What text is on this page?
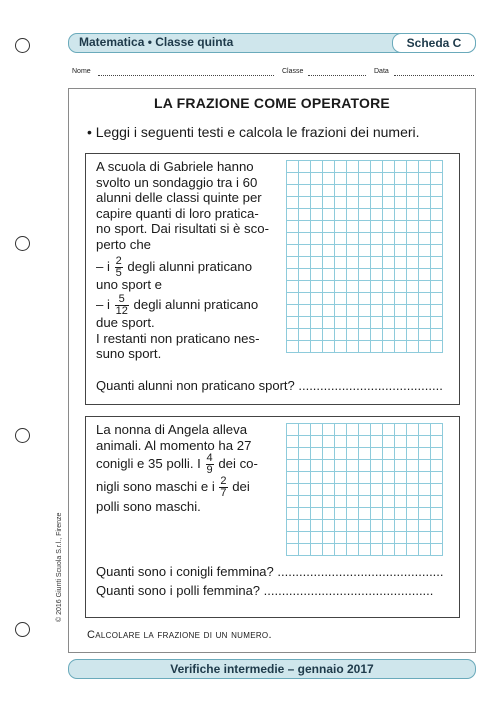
Matematica • Classe quinta	Scheda C
Nome	Classe	Data
LA FRAZIONE COME OPERATORE
• Leggi i seguenti testi e calcola le frazioni dei numeri.

A scuola di Gabriele hanno

svolto un sondaggio tra i 60

alunni delle classi quinte per

capire quanti di loro pratica-

no sport. Dai risultati si è sco-

perto che

– i $\frac{2}{5}$ degli alunni praticano

uno sport e

– i $\frac{5}{12}$ degli alunni praticano

due sport.

I restanti non praticano nes-

suno sport.

Quanti alunni non praticano sport? ........................................

La nonna di Angela alleva

animali. Al momento ha 27

conigli e 35 polli. I $\frac{4}{9}$ dei co-

nigli sono maschi e i $\frac{2}{7}$ dei

polli sono maschi.

Quanti sono i conigli femmina? ..............................................
Quanti sono i polli femmina? ...............................................
Calcolare la frazione di un numero.
© 2016 Giunti Scuola S.r.l., Firenze
Verifiche intermedie – gennaio 2017
